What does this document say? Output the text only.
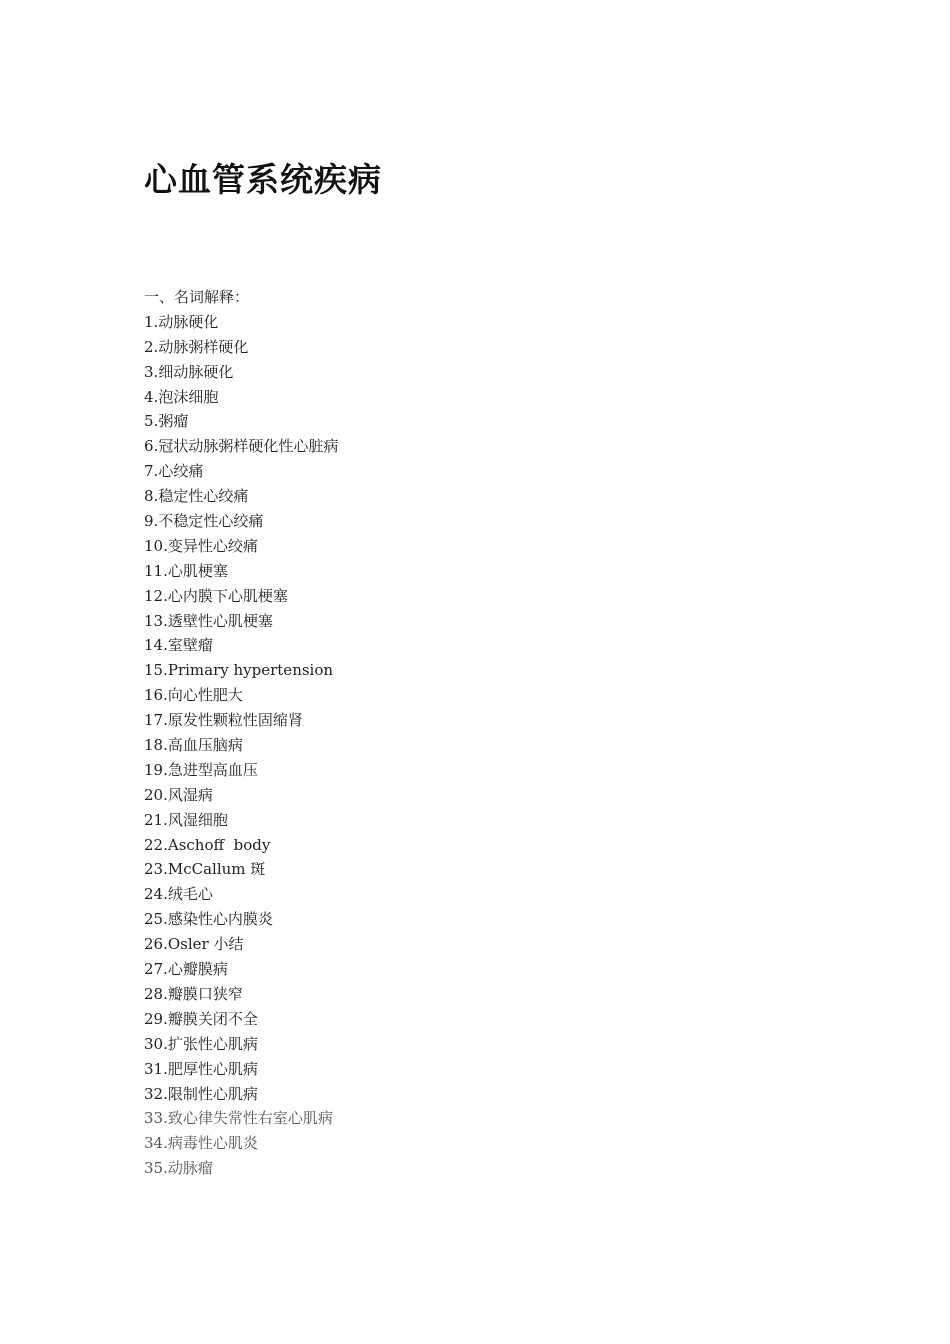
心血管系统疾病
一、名词解释：
1.动脉硬化
2.动脉粥样硬化
3.细动脉硬化
4.泡沫细胞
5.粥瘤
6.冠状动脉粥样硬化性心脏病
7.心绞痛
8.稳定性心绞痛
9.不稳定性心绞痛
10.变异性心绞痛
11.心肌梗塞
12.心内膜下心肌梗塞
13.透壁性心肌梗塞
14.室壁瘤
15.Primary hypertension
16.向心性肥大
17.原发性颗粒性固缩肾
18.高血压脑病
19.急进型高血压
20.风湿病
21.风湿细胞
22.Aschoff  body
23.McCallum 斑
24.绒毛心
25.感染性心内膜炎
26.Osler 小结
27.心瓣膜病
28.瓣膜口狭窄
29.瓣膜关闭不全
30.扩张性心肌病
31.肥厚性心肌病
32.限制性心肌病
33.致心律失常性右室心肌病
34.病毒性心肌炎
35.动脉瘤
